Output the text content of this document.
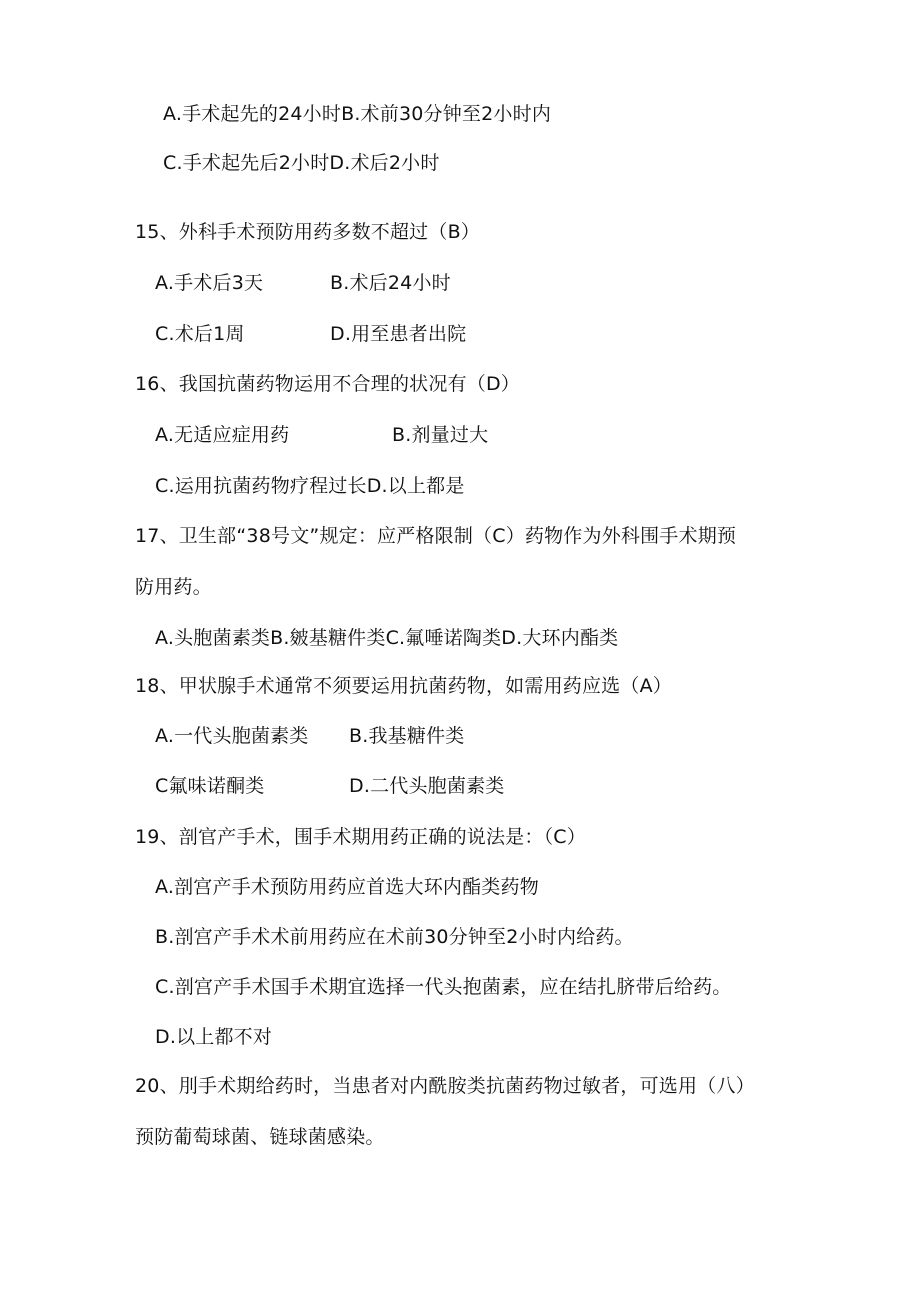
A.手术起先的24小时B.术前30分钟至2小时内
C.手术起先后2小时D.术后2小时
15、外科手术预防用药多数不超过（B）
A.手术后3天	B.术后24小时
C.术后1周	D.用至患者出院
16、我国抗菌药物运用不合理的状况有（D）
A.无适应症用药	B.剂量过大
C.运用抗菌药物疗程过长D.以上都是
17、卫生部“38号文”规定：应严格限制（C）药物作为外科围手术期预
防用药。
A.头胞菌素类B.皴基糖件类C.氟唾诺陶类D.大环内酯类
18、甲状腺手术通常不须要运用抗菌药物，如需用药应选（A）
A.一代头胞菌素类 B.我基糖件类
C氟味诺酮类	D.二代头胞菌素类
19、剖官产手术，围手术期用药正确的说法是：（C）
A.剖宫产手术预防用药应首选大环内酯类药物
B.剖宫产手术术前用药应在术前30分钟至2小时内给药。
C.剖宫产手术国手术期宜选择一代头抱菌素，应在结扎脐带后给药。
D.以上都不对
20、刖手术期给药时，当患者对内酰胺类抗菌药物过敏者，可选用（八）
预防葡萄球菌、链球菌感染。
